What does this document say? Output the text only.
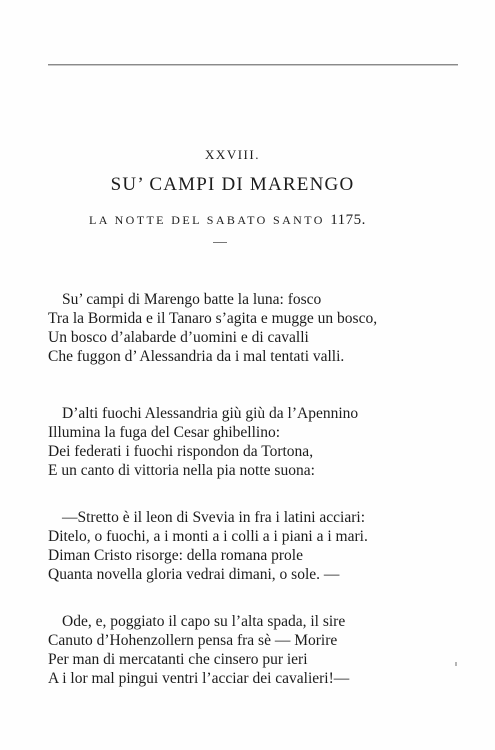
XXVIII.
SU’ CAMPI DI MARENGO
LA NOTTE DEL SABATO SANTO 1175.
Su’ campi di Marengo batte la luna: fosco
Tra la Bormida e il Tanaro s’agita e mugge un bosco,
Un bosco d’alabarde d’uomini e di cavalli
Che fuggon d’ Alessandria da i mal tentati valli.
D’alti fuochi Alessandria giù giù da l’Apennino
Illumina la fuga del Cesar ghibellino:
Dei federati i fuochi rispondon da Tortona,
E un canto di vittoria nella pia notte suona:
—Stretto è il leon di Svevia in fra i latini acciari:
Ditelo, o fuochi, a i monti a i colli a i piani a i mari.
Diman Cristo risorge: della romana prole
Quanta novella gloria vedrai dimani, o sole. —
Ode, e, poggiato il capo su l’alta spada, il sire
Canuto d’Hohenzollern pensa fra sè — Morire
Per man di mercatanti che cinsero pur ieri
A i lor mal pingui ventri l’acciar dei cavalieri!—
